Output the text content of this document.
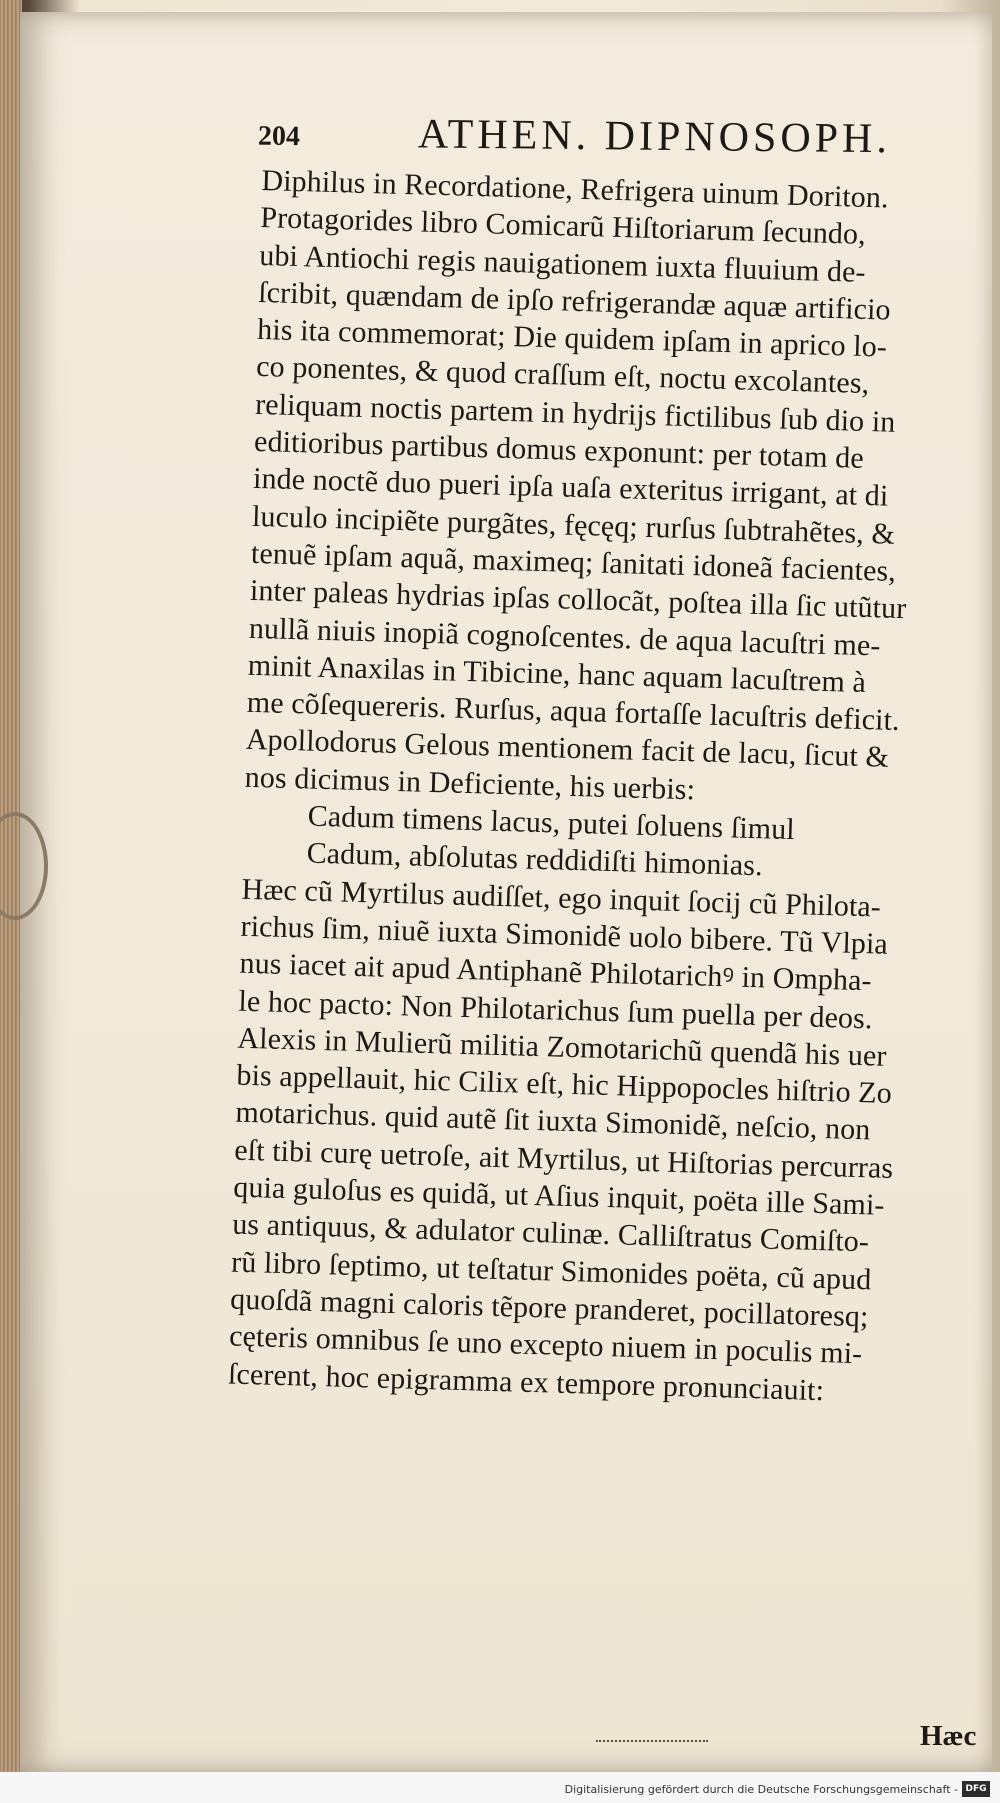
204	ATHEN. DIPNOSOPH.
Diphilus in Recordatione, Refrigera uinum Doriton.
Protagorides libro Comicarũ Hiſtoriarum ſecundo,
ubi Antiochi regis nauigationem iuxta fluuium de-
ſcribit, quændam de ipſo refrigerandæ aquæ artificio
his ita commemorat; Die quidem ipſam in aprico lo-
co ponentes, & quod craſſum eſt, noctu excolantes,
reliquam noctis partem in hydrijs fictilibus ſub dio in
editioribus partibus domus exponunt: per totam de
inde noctẽ duo pueri ipſa uaſa exteritus irrigant, at di
luculo incipiẽte purgãtes, fęcęq; rurſus ſubtrahẽtes, &
tenuẽ ipſam aquã, maximeq; ſanitati idoneã facientes,
inter paleas hydrias ipſas collocãt, poſtea illa ſic utũtur
nullã niuis inopiã cognoſcentes. de aqua lacuſtri me-
minit Anaxilas in Tibicine, hanc aquam lacuſtrem à
me cõſequereris. Rurſus, aqua fortaſſe lacuſtris deficit.
Apollodorus Gelous mentionem facit de lacu, ſicut &
nos dicimus in Deficiente, his uerbis:
Cadum timens lacus, putei ſoluens ſimul
Cadum, abſolutas reddidiſti himonias.
Hæc cũ Myrtilus audiſſet, ego inquit ſocij cũ Philota-
richus ſim, niuẽ iuxta Simonidẽ uolo bibere. Tũ Vlpia
nus iacet ait apud Antiphanẽ Philotarichꝰ in Ompha-
le hoc pacto: Non Philotarichus ſum puella per deos.
Alexis in Mulierũ militia Zomotarichũ quendã his uer
bis appellauit, hic Cilix eſt, hic Hippopocles hiſtrio Zo
motarichus. quid autẽ ſit iuxta Simonidẽ, neſcio, non
eſt tibi curę uetroſe, ait Myrtilus, ut Hiſtorias percurras
quia guloſus es quidã, ut Aſius inquit, poëta ille Sami-
us antiquus, & adulator culinæ. Calliſtratus Comiſto-
rũ libro ſeptimo, ut teſtatur Simonides poëta, cũ apud
quoſdã magni caloris tẽpore pranderet, pocillatoresq;
cęteris omnibus ſe uno excepto niuem in poculis mi-
ſcerent, hoc epigramma ex tempore pronunciauit:
Hæc
Digitalisierung gefördert durch die Deutsche Forschungsgemeinschaft - DFG
